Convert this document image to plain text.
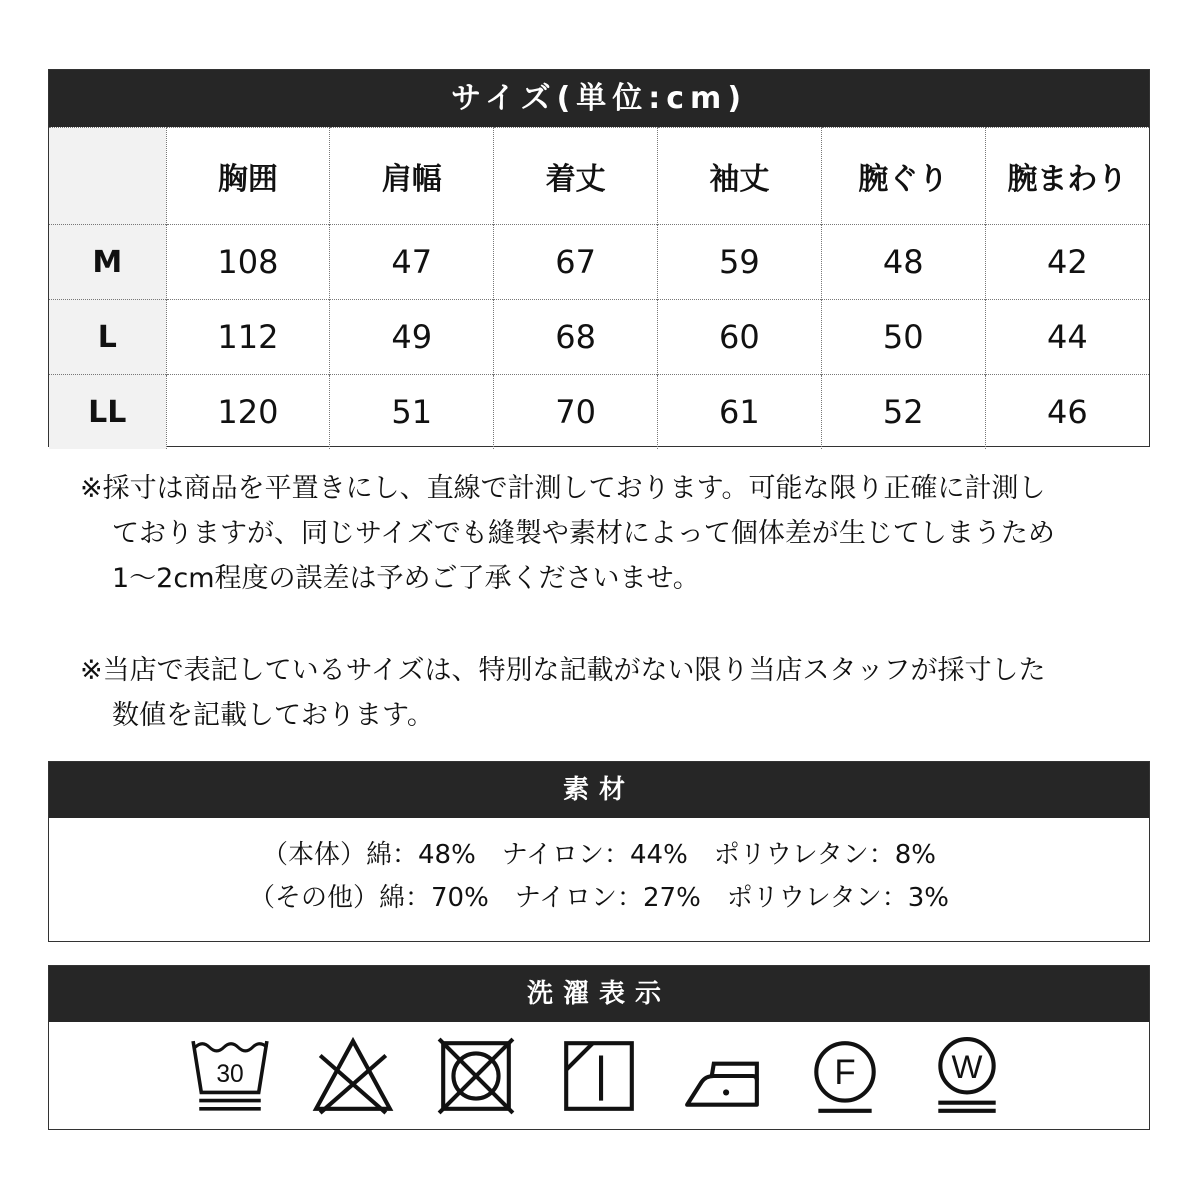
サイズ(単位:cm)
	胸囲	肩幅	着丈	袖丈	腕ぐり	腕まわり
M	108	47	67	59	48	42
L	112	49	68	60	50	44
LL	120	51	70	61	52	46
※採寸は商品を平置きにし、直線で計測しております。可能な限り正確に計測し
ておりますが、同じサイズでも縫製や素材によって個体差が生じてしまうため
1～2cm程度の誤差は予めご了承くださいませ。
※当店で表記しているサイズは、特別な記載がない限り当店スタッフが採寸した
数値を記載しております。
素材
（本体）綿：48%　ナイロン：44%　ポリウレタン：8%
（その他）綿：70%　ナイロン：27%　ポリウレタン：3%
洗濯表示
30	F	W
